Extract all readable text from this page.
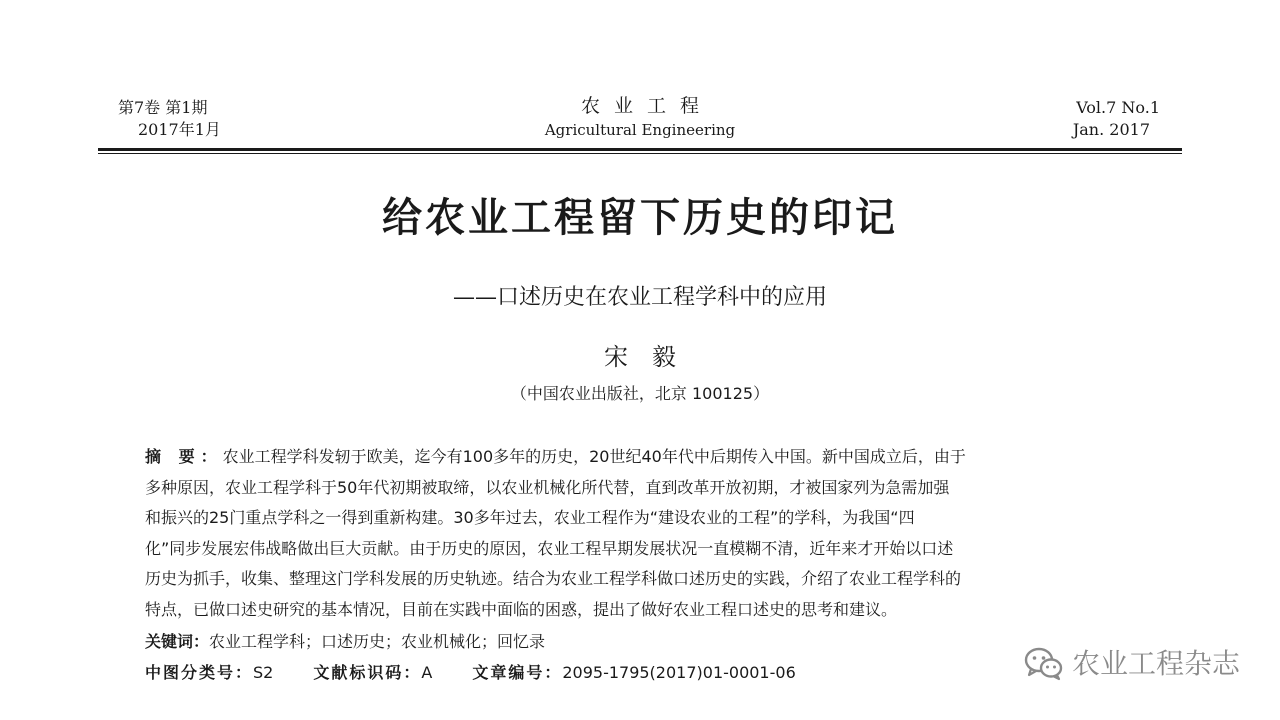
第7卷 第1期
2017年1月
农业工程
Agricultural Engineering
Vol.7 No.1
Jan. 2017
给农业工程留下历史的印记
——口述历史在农业工程学科中的应用
宋毅
（中国农业出版社，北京 100125）
摘 要：农业工程学科发轫于欧美，迄今有100多年的历史，20世纪40年代中后期传入中国。新中国成立后，由于
多种原因，农业工程学科于50年代初期被取缔，以农业机械化所代替，直到改革开放初期，才被国家列为急需加强
和振兴的25门重点学科之一得到重新构建。30多年过去，农业工程作为“建设农业的工程”的学科，为我国“四
化”同步发展宏伟战略做出巨大贡献。由于历史的原因，农业工程早期发展状况一直模糊不清，近年来才开始以口述
历史为抓手，收集、整理这门学科发展的历史轨迹。结合为农业工程学科做口述历史的实践，介绍了农业工程学科的
特点，已做口述史研究的基本情况，目前在实践中面临的困惑，提出了做好农业工程口述史的思考和建议。
关键词：农业工程学科；口述历史；农业机械化；回忆录
中图分类号：S2	文献标识码：A	文章编号：2095-1795(2017)01-0001-06	农业工程杂志
